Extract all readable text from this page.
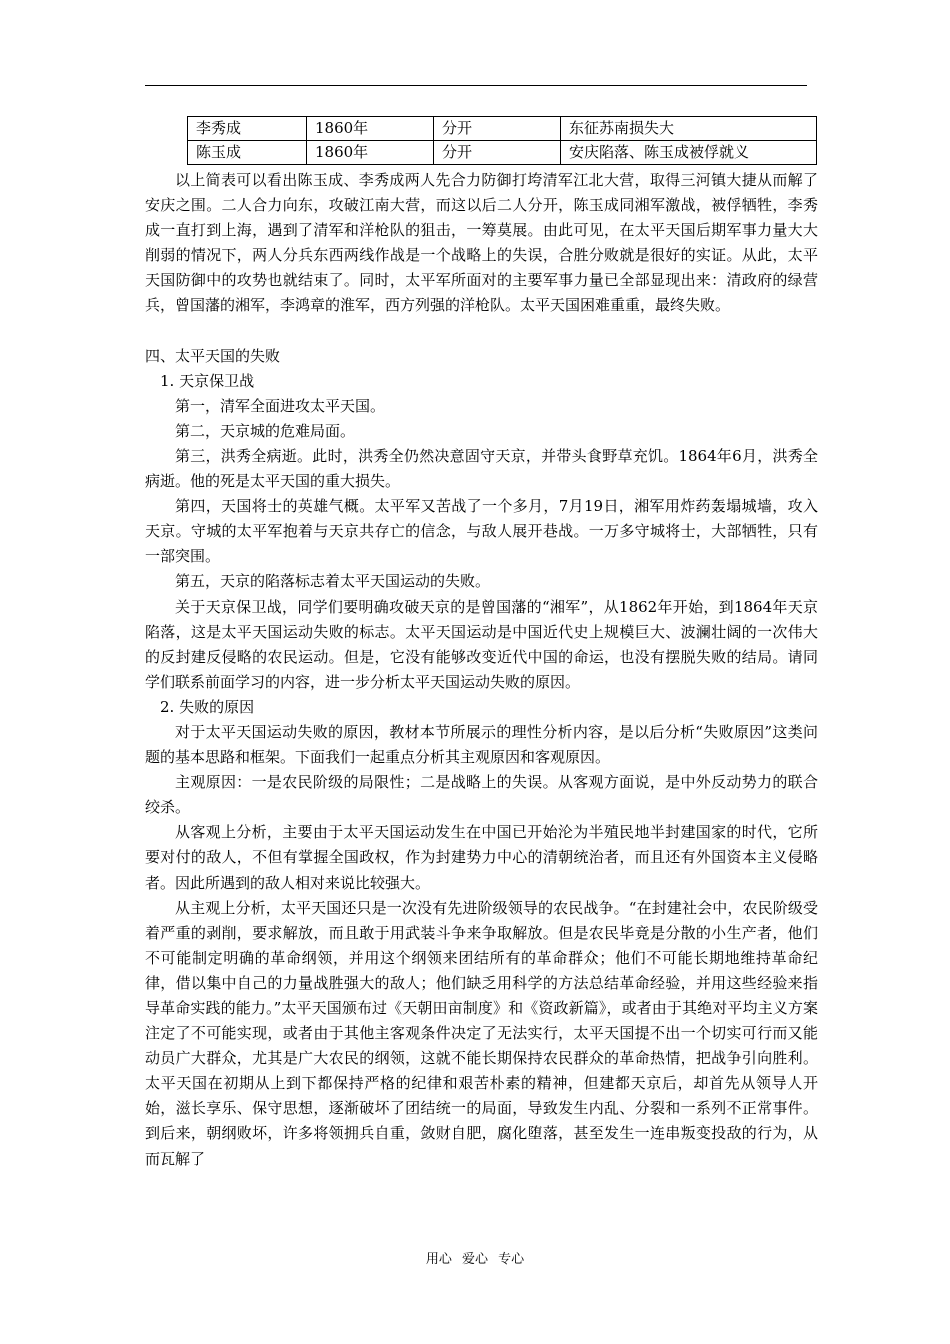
李秀成	1860年	分开	东征苏南损失大
陈玉成	1860年	分开	安庆陷落、陈玉成被俘就义

以上简表可以看出陈玉成、李秀成两人先合力防御打垮清军江北大营，取得三河镇大捷从而解了安庆之围。二人合力向东，攻破江南大营，而这以后二人分开，陈玉成同湘军激战，被俘牺牲，李秀成一直打到上海，遇到了清军和洋枪队的狙击，一筹莫展。由此可见，在太平天国后期军事力量大大削弱的情况下，两人分兵东西两线作战是一个战略上的失误，合胜分败就是很好的实证。从此，太平天国防御中的攻势也就结束了。同时，太平军所面对的主要军事力量已全部显现出来：清政府的绿营兵，曾国藩的湘军，李鸿章的淮军，西方列强的洋枪队。太平天国困难重重，最终失败。

四、太平天国的失败

1. 天京保卫战

第一，清军全面进攻太平天国。

第二，天京城的危难局面。

第三，洪秀全病逝。此时，洪秀全仍然决意固守天京，并带头食野草充饥。1864年6月，洪秀全病逝。他的死是太平天国的重大损失。

第四，天国将士的英雄气概。太平军又苦战了一个多月，7月19日，湘军用炸药轰塌城墙，攻入天京。守城的太平军抱着与天京共存亡的信念，与敌人展开巷战。一万多守城将士，大部牺牲，只有一部突围。

第五，天京的陷落标志着太平天国运动的失败。

关于天京保卫战，同学们要明确攻破天京的是曾国藩的“湘军”，从1862年开始，到1864年天京陷落，这是太平天国运动失败的标志。太平天国运动是中国近代史上规模巨大、波澜壮阔的一次伟大的反封建反侵略的农民运动。但是，它没有能够改变近代中国的命运，也没有摆脱失败的结局。请同学们联系前面学习的内容，进一步分析太平天国运动失败的原因。

2. 失败的原因

对于太平天国运动失败的原因，教材本节所展示的理性分析内容，是以后分析“失败原因”这类问题的基本思路和框架。下面我们一起重点分析其主观原因和客观原因。

主观原因：一是农民阶级的局限性；二是战略上的失误。从客观方面说，是中外反动势力的联合绞杀。

从客观上分析，主要由于太平天国运动发生在中国已开始沦为半殖民地半封建国家的时代，它所要对付的敌人，不但有掌握全国政权，作为封建势力中心的清朝统治者，而且还有外国资本主义侵略者。因此所遇到的敌人相对来说比较强大。

从主观上分析，太平天国还只是一次没有先进阶级领导的农民战争。“在封建社会中，农民阶级受着严重的剥削，要求解放，而且敢于用武装斗争来争取解放。但是农民毕竟是分散的小生产者，他们不可能制定明确的革命纲领，并用这个纲领来团结所有的革命群众；他们不可能长期地维持革命纪律，借以集中自己的力量战胜强大的敌人；他们缺乏用科学的方法总结革命经验，并用这些经验来指导革命实践的能力。”太平天国颁布过《天朝田亩制度》和《资政新篇》，或者由于其绝对平均主义方案注定了不可能实现，或者由于其他主客观条件决定了无法实行，太平天国提不出一个切实可行而又能动员广大群众，尤其是广大农民的纲领，这就不能长期保持农民群众的革命热情，把战争引向胜利。太平天国在初期从上到下都保持严格的纪律和艰苦朴素的精神，但建都天京后，却首先从领导人开始，滋长享乐、保守思想，逐渐破坏了团结统一的局面，导致发生内乱、分裂和一系列不正常事件。到后来，朝纲败坏，许多将领拥兵自重，敛财自肥，腐化堕落，甚至发生一连串叛变投敌的行为，从而瓦解了

用心 爱心 专心
